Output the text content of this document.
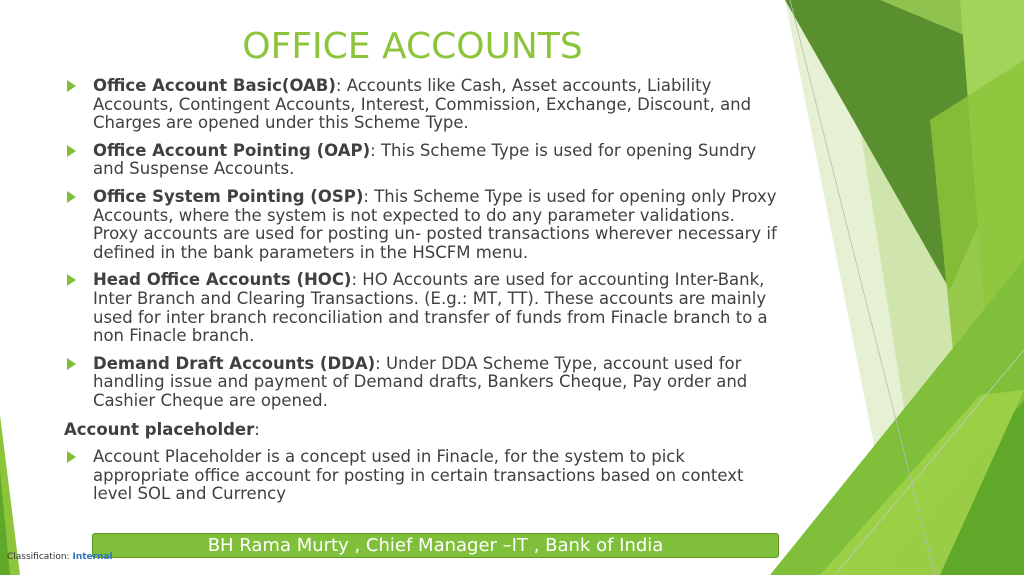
OFFICE ACCOUNTS
Office Account Basic(OAB): Accounts like Cash, Asset accounts, Liability Accounts, Contingent Accounts, Interest, Commission, Exchange, Discount, and Charges are opened under this Scheme Type.
Office Account Pointing (OAP): This Scheme Type is used for opening Sundry and Suspense Accounts.
Office System Pointing (OSP): This Scheme Type is used for opening only Proxy Accounts, where the system is not expected to do any parameter validations. Proxy accounts are used for posting un- posted transactions wherever necessary if defined in the bank parameters in the HSCFM menu.
Head Office Accounts (HOC): HO Accounts are used for accounting Inter-Bank, Inter Branch and Clearing Transactions. (E.g.: MT, TT). These accounts are mainly used for inter branch reconciliation and transfer of funds from Finacle branch to a non Finacle branch.
Demand Draft Accounts (DDA): Under DDA Scheme Type, account used for handling issue and payment of Demand drafts, Bankers Cheque, Pay order and Cashier Cheque are opened.
Account placeholder:
Account Placeholder is a concept used in Finacle, for the system to pick appropriate office account for posting in certain transactions based on context level SOL and Currency
BH Rama Murty , Chief Manager –IT , Bank of India
Classification: Internal
